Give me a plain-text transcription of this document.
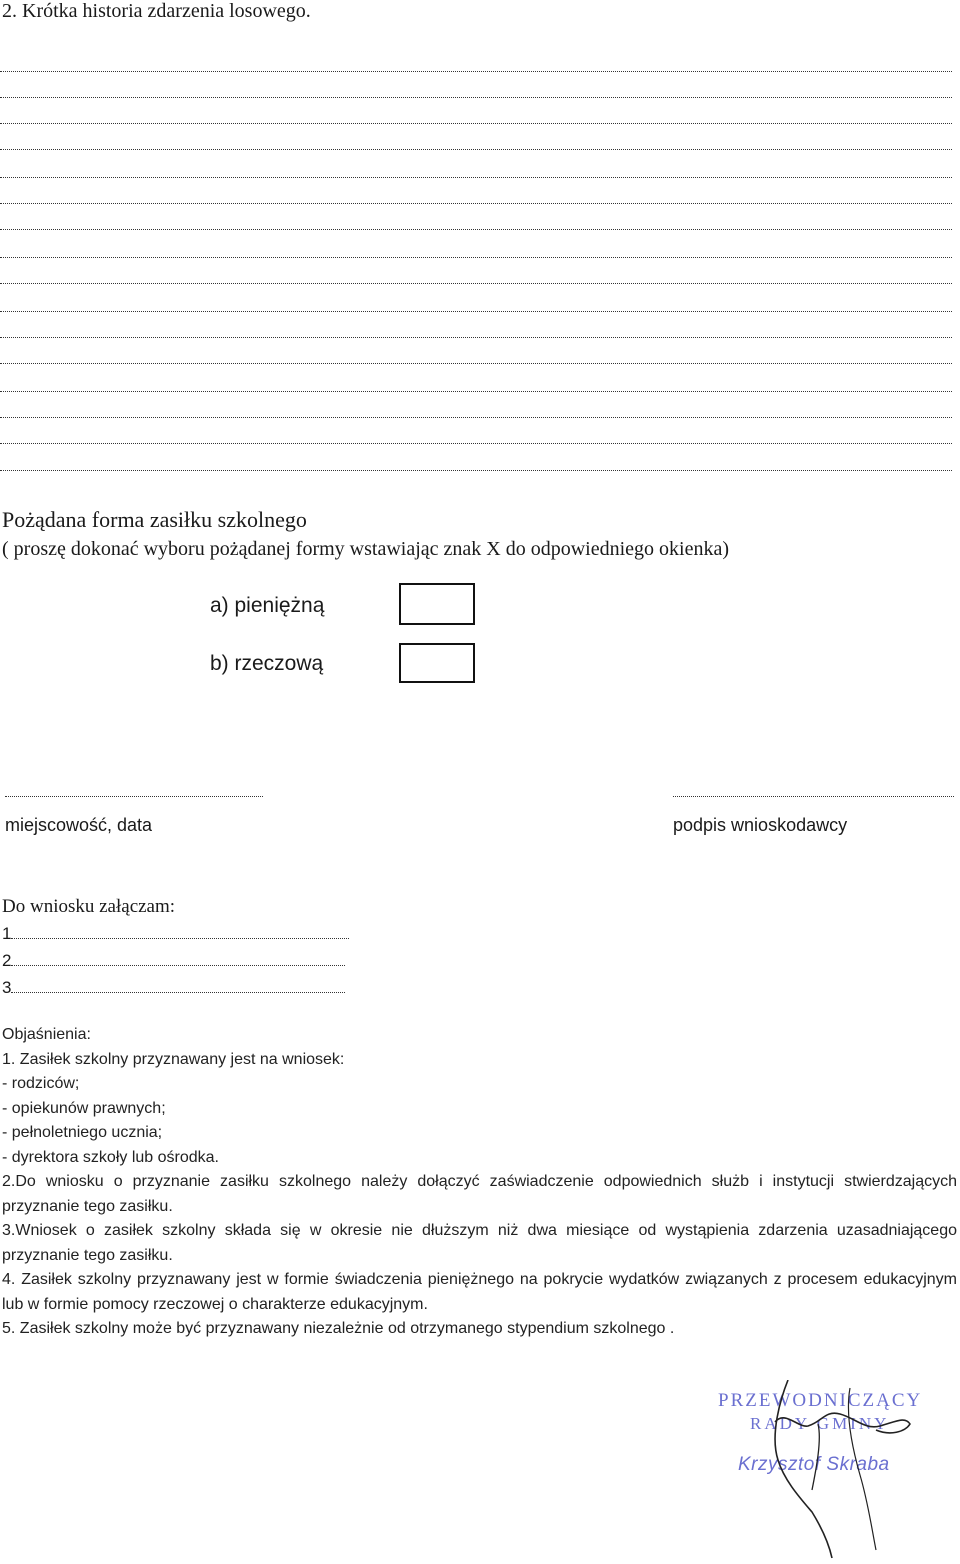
2. Krótka historia zdarzenia losowego.
Pożądana forma zasiłku szkolnego
( proszę dokonać wyboru pożądanej formy wstawiając znak X do odpowiedniego okienka)
a) pieniężną
b) rzeczową
miejscowość, data	podpis wnioskodawcy
Do wniosku załączam:
1
2
3

Objaśnienia:

1. Zasiłek szkolny przyznawany jest na wniosek:

- rodziców;

- opiekunów prawnych;

- pełnoletniego ucznia;

- dyrektora szkoły lub ośrodka.

2.Do wniosku o przyznanie zasiłku szkolnego należy dołączyć zaświadczenie odpowiednich służb i instytucji stwierdzających przyznanie tego zasiłku.

3.Wniosek o zasiłek szkolny składa się w okresie nie dłuższym niż dwa miesiące od wystąpienia zdarzenia uzasadniającego przyznanie tego zasiłku.

4. Zasiłek szkolny przyznawany jest w formie świadczenia pieniężnego na pokrycie wydatków związanych z procesem edukacyjnym lub w formie pomocy rzeczowej o charakterze edukacyjnym.

5. Zasiłek szkolny może być przyznawany niezależnie od otrzymanego stypendium szkolnego .

PRZEWODNICZĄCY
RADY GMINY
Krzysztof Skraba
